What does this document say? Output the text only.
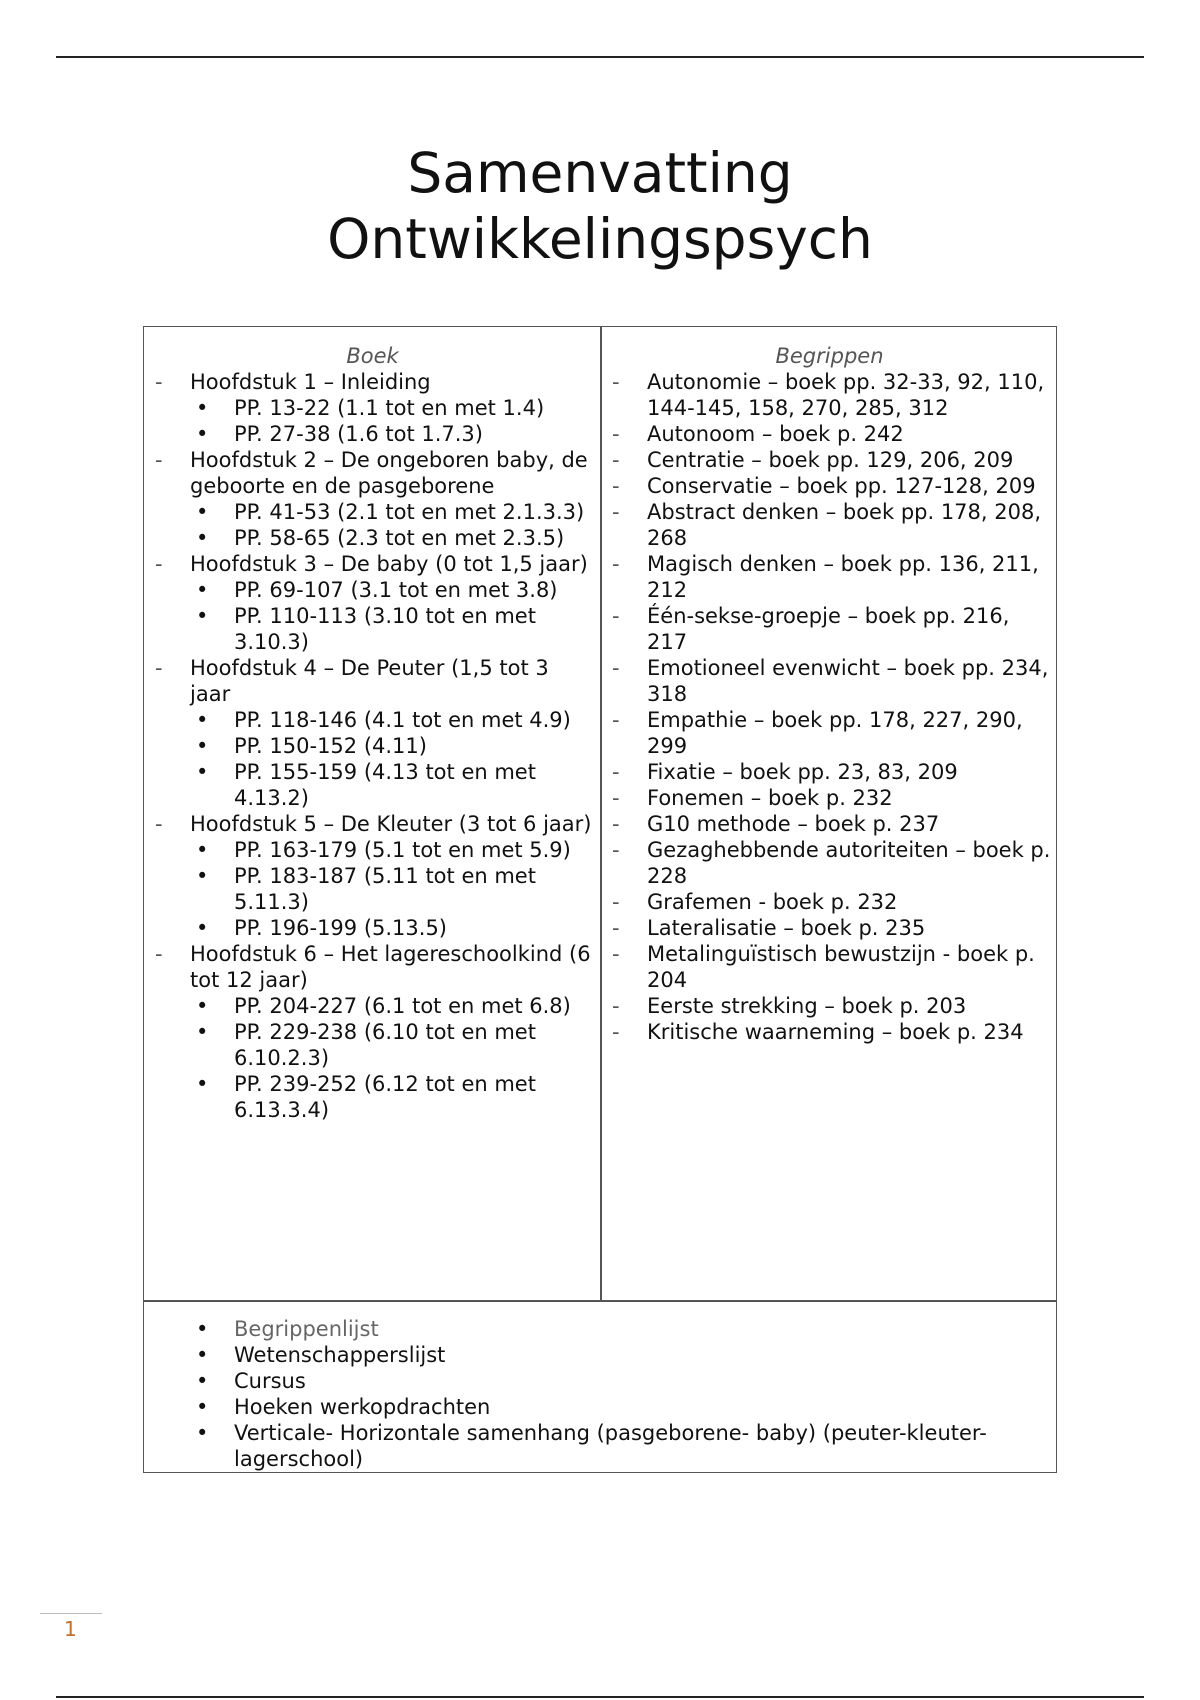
Samenvatting
Ontwikkelingspsych
Boek
- Hoofdstuk 1 – Inleiding
• PP. 13-22 (1.1 tot en met 1.4)
• PP. 27-38 (1.6 tot 1.7.3)
- Hoofdstuk 2 – De ongeboren baby, de geboorte en de pasgeborene
• PP. 41-53 (2.1 tot en met 2.1.3.3)
• PP. 58-65 (2.3 tot en met 2.3.5)
- Hoofdstuk 3 – De baby (0 tot 1,5 jaar)
• PP. 69-107 (3.1 tot en met 3.8)
• PP. 110-113 (3.10 tot en met 3.10.3)
- Hoofdstuk 4 – De Peuter (1,5 tot 3 jaar
• PP. 118-146 (4.1 tot en met 4.9)
• PP. 150-152 (4.11)
• PP. 155-159 (4.13 tot en met 4.13.2)
- Hoofdstuk 5 – De Kleuter (3 tot 6 jaar)
• PP. 163-179 (5.1 tot en met 5.9)
• PP. 183-187 (5.11 tot en met 5.11.3)
• PP. 196-199 (5.13.5)
- Hoofdstuk 6 – Het lagereschoolkind (6 tot 12 jaar)
• PP. 204-227 (6.1 tot en met 6.8)
• PP. 229-238 (6.10 tot en met 6.10.2.3)
• PP. 239-252 (6.12 tot en met 6.13.3.4)
Begrippen
- Autonomie – boek pp. 32-33, 92, 110, 144-145, 158, 270, 285, 312
- Autonoom – boek p. 242
- Centratie – boek pp. 129, 206, 209
- Conservatie – boek pp. 127-128, 209
- Abstract denken – boek pp. 178, 208, 268
- Magisch denken – boek pp. 136, 211, 212
- Één-sekse-groepje – boek pp. 216, 217
- Emotioneel evenwicht – boek pp. 234, 318
- Empathie – boek pp. 178, 227, 290, 299
- Fixatie – boek pp. 23, 83, 209
- Fonemen – boek p. 232
- G10 methode – boek p. 237
- Gezaghebbende autoriteiten – boek p. 228
- Grafemen - boek p. 232
- Lateralisatie – boek p. 235
- Metalinguïstisch bewustzijn - boek p. 204
- Eerste strekking – boek p. 203
- Kritische waarneming – boek p. 234
• Begrippenlijst
• Wetenschapperslijst
• Cursus
• Hoeken werkopdrachten
• Verticale- Horizontale samenhang (pasgeborene- baby) (peuter-kleuter-lagerschool)
1
